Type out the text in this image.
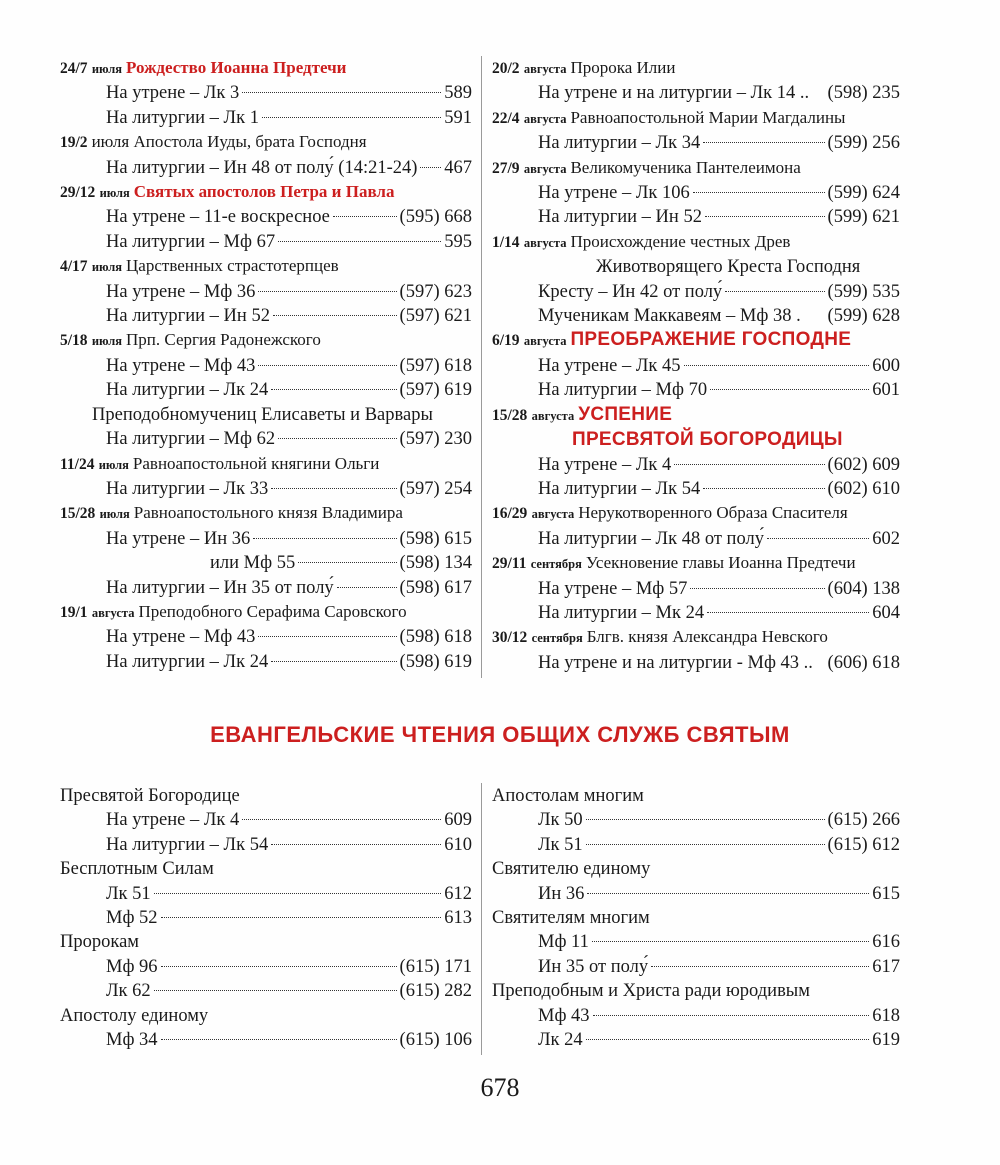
24/7
июля Рождество Иоанна Предтечи
На утрене – Лк 3	589
На литургии – Лк 1	591
19/2 июля Апостола Иуды, брата Господня
На литургии – Ин 48 от полу́ (14:21-24) 467
29/12
июля Святых апостолов Петра и Павла
На утрене – 11-е воскресное	(595) 668
На литургии – Мф 67	595
4/17
июля Царственных страстотерпцев
На утрене – Мф 36	(597) 623
На литургии – Ин 52	(597) 621
5/18
июля Прп. Сергия Радонежского
На утрене – Мф 43	(597) 618
На литургии – Лк 24	(597) 619
Преподобномучениц Елисаветы и Варвары
На литургии – Мф 62	(597) 230
11/24
июля Равноапостольной княгини Ольги
На литургии – Лк 33	(597) 254
15/28
июля Равноапостольного князя Владимира
На утрене – Ин 36	(598) 615
или Мф 55	(598) 134
На литургии – Ин 35 от полу́	(598) 617
19/1
августа Преподобного Серафима Саровского
На утрене – Мф 43	(598) 618
На литургии – Лк 24	(598) 619
20/2
августа Пророка Илии
На утрене и на литургии – Лк 14 .. (598) 235
22/4
августа Равноапостольной Марии Магдалины
На литургии – Лк 34	(599) 256
27/9
августа Великомученика Пантелеимона
На утрене – Лк 106	(599) 624
На литургии – Ин 52	(599) 621
1/14
августа Происхождение честных Древ
Животворящего Креста Господня
Кресту – Ин 42 от полу́	(599) 535
Мученикам Маккавеям – Мф 38 . (599) 628
6/19
августа ПРЕОБРАЖЕНИЕ ГОСПОДНЕ
На утрене – Лк 45	600
На литургии – Мф 70	601
15/28
августа УСПЕНИЕ
ПРЕСВЯТОЙ БОГОРОДИЦЫ
На утрене – Лк 4	(602) 609
На литургии – Лк 54	(602) 610
16/29
августа Нерукотворенного Образа Спасителя
На литургии – Лк 48 от полу́	602
29/11
сентября Усекновение главы Иоанна Предтечи
На утрене – Мф 57	(604) 138
На литургии – Мк 24	604
30/12
сентября Блгв. князя Александра Невского
На утрене и на литургии - Мф 43 .. (606) 618
ЕВАНГЕЛЬСКИЕ ЧТЕНИЯ ОБЩИХ СЛУЖБ СВЯТЫМ
Пресвятой Богородице
На утрене – Лк 4	609
На литургии – Лк 54	610
Бесплотным Силам
Лк 51	612
Мф 52	613
Пророкам
Мф 96	(615) 171
Лк 62	(615) 282
Апостолу единому
Мф 34	(615) 106
Апостолам многим
Лк 50	(615) 266
Лк 51	(615) 612
Святителю единому
Ин 36	615
Святителям многим
Мф 11	616
Ин 35 от полу́	617
Преподобным и Христа ради юродивым
Мф 43	618
Лк 24	619
678
